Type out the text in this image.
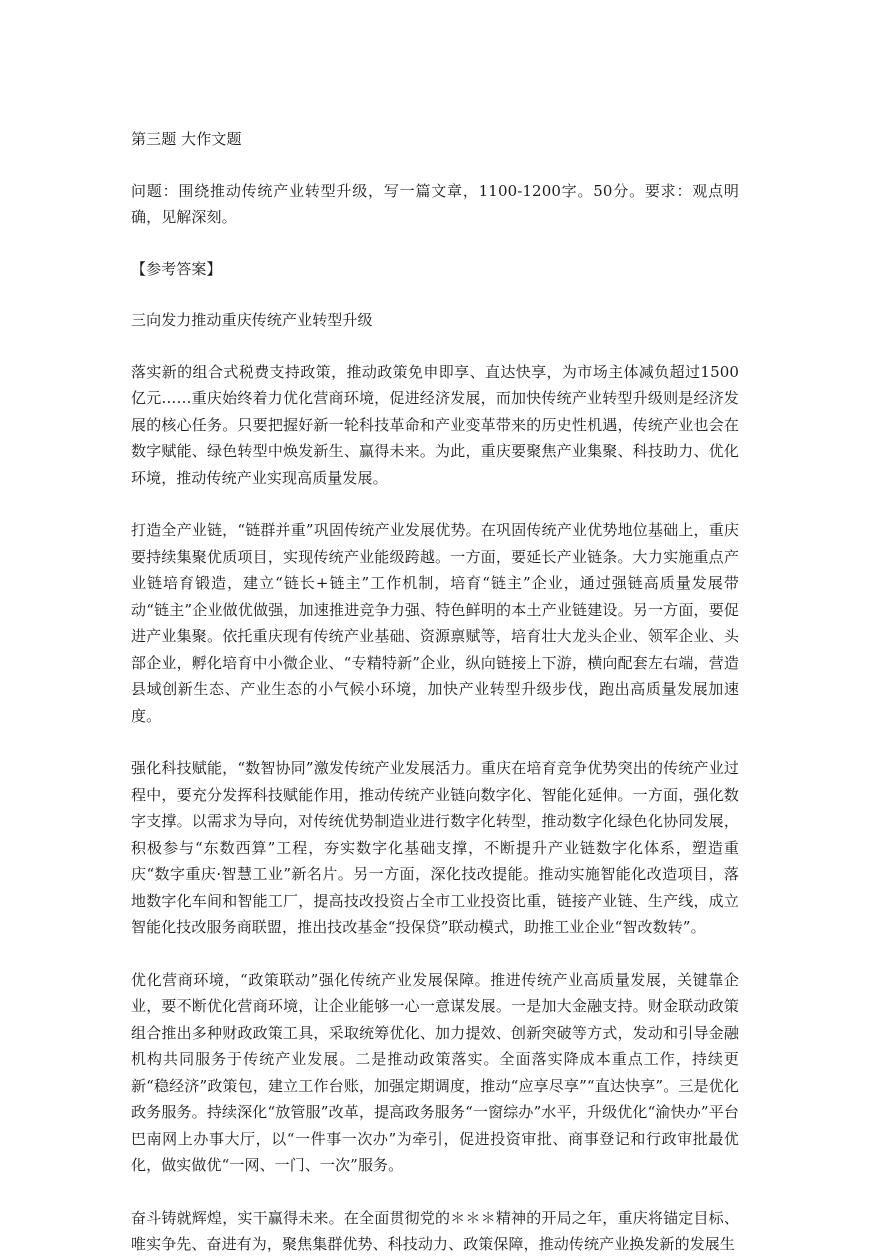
第三题 大作文题

问题：围绕推动传统产业转型升级，写一篇文章，1100-1200字。50分。要求：观点明确，见解深刻。

【参考答案】

三向发力推动重庆传统产业转型升级

落实新的组合式税费支持政策，推动政策免申即享、直达快享，为市场主体减负超过1500亿元……重庆始终着力优化营商环境，促进经济发展，而加快传统产业转型升级则是经济发展的核心任务。只要把握好新一轮科技革命和产业变革带来的历史性机遇，传统产业也会在数字赋能、绿色转型中焕发新生、赢得未来。为此，重庆要聚焦产业集聚、科技助力、优化环境，推动传统产业实现高质量发展。

打造全产业链，“链群并重”巩固传统产业发展优势。在巩固传统产业优势地位基础上，重庆要持续集聚优质项目，实现传统产业能级跨越。一方面，要延长产业链条。大力实施重点产业链培育锻造，建立“链长+链主”工作机制，培育“链主”企业，通过强链高质量发展带动“链主”企业做优做强，加速推进竞争力强、特色鲜明的本土产业链建设。另一方面，要促进产业集聚。依托重庆现有传统产业基础、资源禀赋等，培育壮大龙头企业、领军企业、头部企业，孵化培育中小微企业、“专精特新”企业，纵向链接上下游，横向配套左右端，营造县域创新生态、产业生态的小气候小环境，加快产业转型升级步伐，跑出高质量发展加速度。

强化科技赋能，“数智协同”激发传统产业发展活力。重庆在培育竞争优势突出的传统产业过程中，要充分发挥科技赋能作用，推动传统产业链向数字化、智能化延伸。一方面，强化数字支撑。以需求为导向，对传统优势制造业进行数字化转型，推动数字化绿色化协同发展，积极参与“东数西算”工程，夯实数字化基础支撑，不断提升产业链数字化体系，塑造重庆“数字重庆·智慧工业”新名片。另一方面，深化技改提能。推动实施智能化改造项目，落地数字化车间和智能工厂，提高技改投资占全市工业投资比重，链接产业链、生产线，成立智能化技改服务商联盟，推出技改基金“投保贷”联动模式，助推工业企业“智改数转”。

优化营商环境，“政策联动”强化传统产业发展保障。推进传统产业高质量发展，关键靠企业，要不断优化营商环境，让企业能够一心一意谋发展。一是加大金融支持。财金联动政策组合推出多种财政政策工具，采取统筹优化、加力提效、创新突破等方式，发动和引导金融机构共同服务于传统产业发展。二是推动政策落实。全面落实降成本重点工作，持续更新“稳经济”政策包，建立工作台账，加强定期调度，推动“应享尽享”“直达快享”。三是优化政务服务。持续深化“放管服”改革，提高政务服务“一窗综办”水平，升级优化“渝快办”平台巴南网上办事大厅，以“一件事一次办”为牵引，促进投资审批、商事登记和行政审批最优化，做实做优“一网、一门、一次”服务。

奋斗铸就辉煌，实干赢得未来。在全面贯彻党的＊＊＊精神的开局之年，重庆将锚定目标、唯实争先、奋进有为，聚焦集群优势、科技动力、政策保障，推动传统产业换发新的发展生
